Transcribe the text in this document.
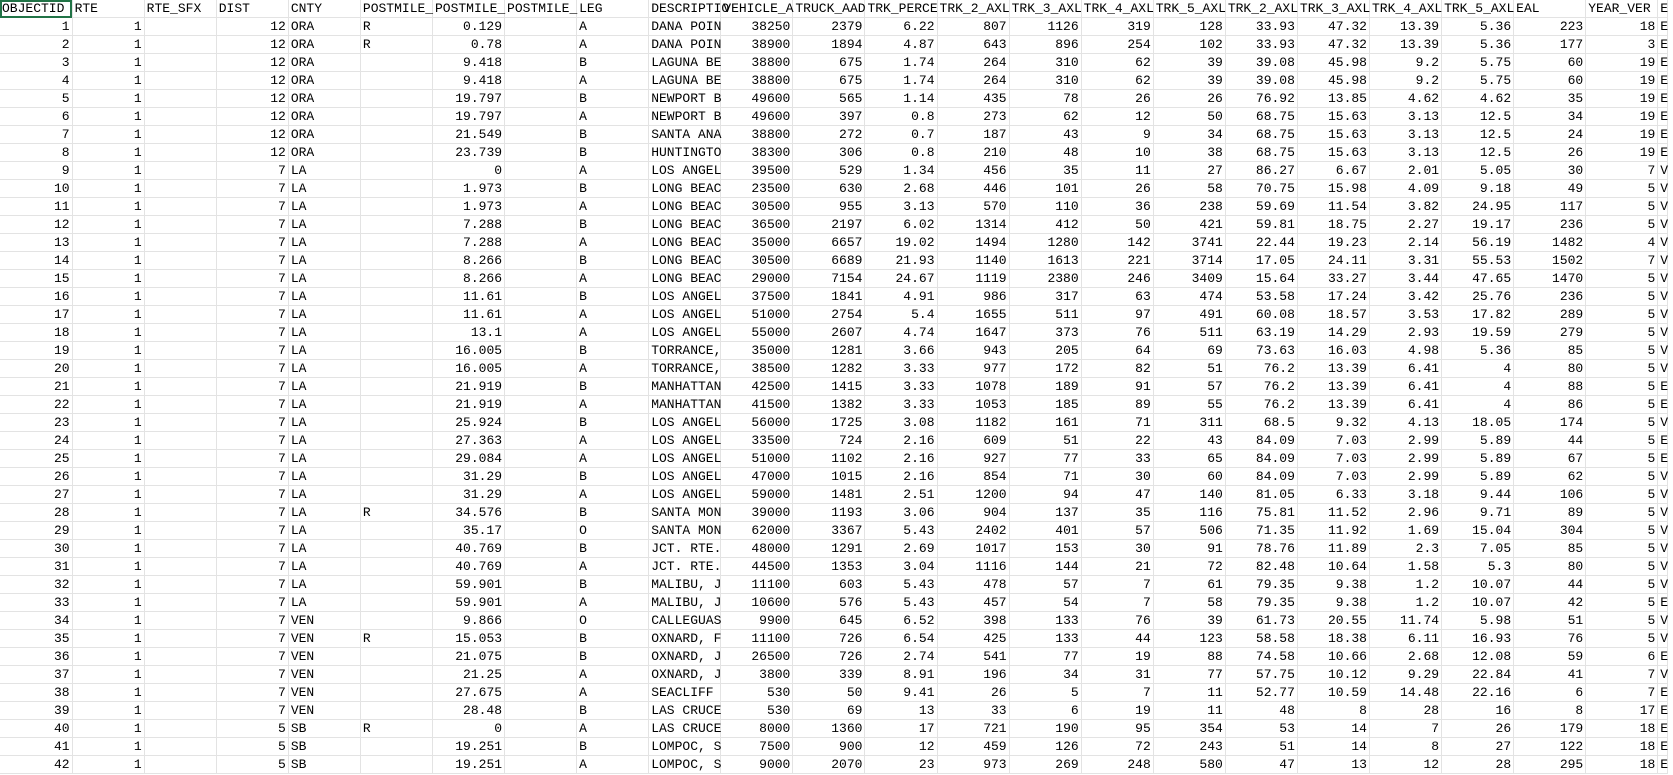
OBJECTID	RTE	RTE_SFX	DIST	CNTY	POSTMILE_	POSTMILE_	POSTMILE_	LEG	DESCRIPTIO	VEHICLE_A	TRUCK_AAD	TRK_PERCE	TRK_2_AXL	TRK_3_AXL	TRK_4_AXL	TRK_5_AXL	TRK_2_AXL	TRK_3_AXL	TRK_4_AXL	TRK_5_AXL	EAL	YEAR_VER	E
1	1		12	ORA	R	0.129		A	DANA POIN	38250	2379	6.22	807	1126	319	128	33.93	47.32	13.39	5.36	223	18	E
2	1		12	ORA	R	0.78		A	DANA POIN	38900	1894	4.87	643	896	254	102	33.93	47.32	13.39	5.36	177	3	E
3	1		12	ORA		9.418		B	LAGUNA BE	38800	675	1.74	264	310	62	39	39.08	45.98	9.2	5.75	60	19	E
4	1		12	ORA		9.418		A	LAGUNA BE	38800	675	1.74	264	310	62	39	39.08	45.98	9.2	5.75	60	19	E
5	1		12	ORA		19.797		B	NEWPORT B	49600	565	1.14	435	78	26	26	76.92	13.85	4.62	4.62	35	19	E
6	1		12	ORA		19.797		A	NEWPORT B	49600	397	0.8	273	62	12	50	68.75	15.63	3.13	12.5	34	19	E
7	1		12	ORA		21.549		B	SANTA ANA	38800	272	0.7	187	43	9	34	68.75	15.63	3.13	12.5	24	19	E
8	1		12	ORA		23.739		B	HUNTINGTO	38300	306	0.8	210	48	10	38	68.75	15.63	3.13	12.5	26	19	E
9	1		7	LA		0		A	LOS ANGEL	39500	529	1.34	456	35	11	27	86.27	6.67	2.01	5.05	30	7	V
10	1		7	LA		1.973		B	LONG BEAC	23500	630	2.68	446	101	26	58	70.75	15.98	4.09	9.18	49	5	V
11	1		7	LA		1.973		A	LONG BEAC	30500	955	3.13	570	110	36	238	59.69	11.54	3.82	24.95	117	5	V
12	1		7	LA		7.288		B	LONG BEAC	36500	2197	6.02	1314	412	50	421	59.81	18.75	2.27	19.17	236	5	V
13	1		7	LA		7.288		A	LONG BEAC	35000	6657	19.02	1494	1280	142	3741	22.44	19.23	2.14	56.19	1482	4	V
14	1		7	LA		8.266		B	LONG BEAC	30500	6689	21.93	1140	1613	221	3714	17.05	24.11	3.31	55.53	1502	7	V
15	1		7	LA		8.266		A	LONG BEAC	29000	7154	24.67	1119	2380	246	3409	15.64	33.27	3.44	47.65	1470	5	V
16	1		7	LA		11.61		B	LOS ANGEL	37500	1841	4.91	986	317	63	474	53.58	17.24	3.42	25.76	236	5	V
17	1		7	LA		11.61		A	LOS ANGEL	51000	2754	5.4	1655	511	97	491	60.08	18.57	3.53	17.82	289	5	V
18	1		7	LA		13.1		A	LOS ANGEL	55000	2607	4.74	1647	373	76	511	63.19	14.29	2.93	19.59	279	5	V
19	1		7	LA		16.005		B	TORRANCE,	35000	1281	3.66	943	205	64	69	73.63	16.03	4.98	5.36	85	5	V
20	1		7	LA		16.005		A	TORRANCE,	38500	1282	3.33	977	172	82	51	76.2	13.39	6.41	4	80	5	V
21	1		7	LA		21.919		B	MANHATTAN	42500	1415	3.33	1078	189	91	57	76.2	13.39	6.41	4	88	5	E
22	1		7	LA		21.919		A	MANHATTAN	41500	1382	3.33	1053	185	89	55	76.2	13.39	6.41	4	86	5	E
23	1		7	LA		25.924		B	LOS ANGEL	56000	1725	3.08	1182	161	71	311	68.5	9.32	4.13	18.05	174	5	V
24	1		7	LA		27.363		A	LOS ANGEL	33500	724	2.16	609	51	22	43	84.09	7.03	2.99	5.89	44	5	E
25	1		7	LA		29.084		A	LOS ANGEL	51000	1102	2.16	927	77	33	65	84.09	7.03	2.99	5.89	67	5	E
26	1		7	LA		31.29		B	LOS ANGEL	47000	1015	2.16	854	71	30	60	84.09	7.03	2.99	5.89	62	5	V
27	1		7	LA		31.29		A	LOS ANGEL	59000	1481	2.51	1200	94	47	140	81.05	6.33	3.18	9.44	106	5	V
28	1		7	LA	R	34.576		B	SANTA MON	39000	1193	3.06	904	137	35	116	75.81	11.52	2.96	9.71	89	5	V
29	1		7	LA		35.17		O	SANTA MON	62000	3367	5.43	2402	401	57	506	71.35	11.92	1.69	15.04	304	5	V
30	1		7	LA		40.769		B	JCT. RTE.	48000	1291	2.69	1017	153	30	91	78.76	11.89	2.3	7.05	85	5	V
31	1		7	LA		40.769		A	JCT. RTE.	44500	1353	3.04	1116	144	21	72	82.48	10.64	1.58	5.3	80	5	V
32	1		7	LA		59.901		B	MALIBU, J	11100	603	5.43	478	57	7	61	79.35	9.38	1.2	10.07	44	5	V
33	1		7	LA		59.901		A	MALIBU, J	10600	576	5.43	457	54	7	58	79.35	9.38	1.2	10.07	42	5	E
34	1		7	VEN		9.866		O	CALLEGUAS	9900	645	6.52	398	133	76	39	61.73	20.55	11.74	5.98	51	5	V
35	1		7	VEN	R	15.053		B	OXNARD, F	11100	726	6.54	425	133	44	123	58.58	18.38	6.11	16.93	76	5	V
36	1		7	VEN		21.075		B	OXNARD, J	26500	726	2.74	541	77	19	88	74.58	10.66	2.68	12.08	59	6	E
37	1		7	VEN		21.25		A	OXNARD, J	3800	339	8.91	196	34	31	77	57.75	10.12	9.29	22.84	41	7	V
38	1		7	VEN		27.675		A	SEACLIFF	530	50	9.41	26	5	7	11	52.77	10.59	14.48	22.16	6	7	E
39	1		7	VEN		28.48		B	LAS CRUCE	530	69	13	33	6	19	11	48	8	28	16	8	17	E
40	1		5	SB	R	0		A	LAS CRUCE	8000	1360	17	721	190	95	354	53	14	7	26	179	18	E
41	1		5	SB		19.251		B	LOMPOC, S	7500	900	12	459	126	72	243	51	14	8	27	122	18	E
42	1		5	SB		19.251		A	LOMPOC, S	9000	2070	23	973	269	248	580	47	13	12	28	295	18	E
